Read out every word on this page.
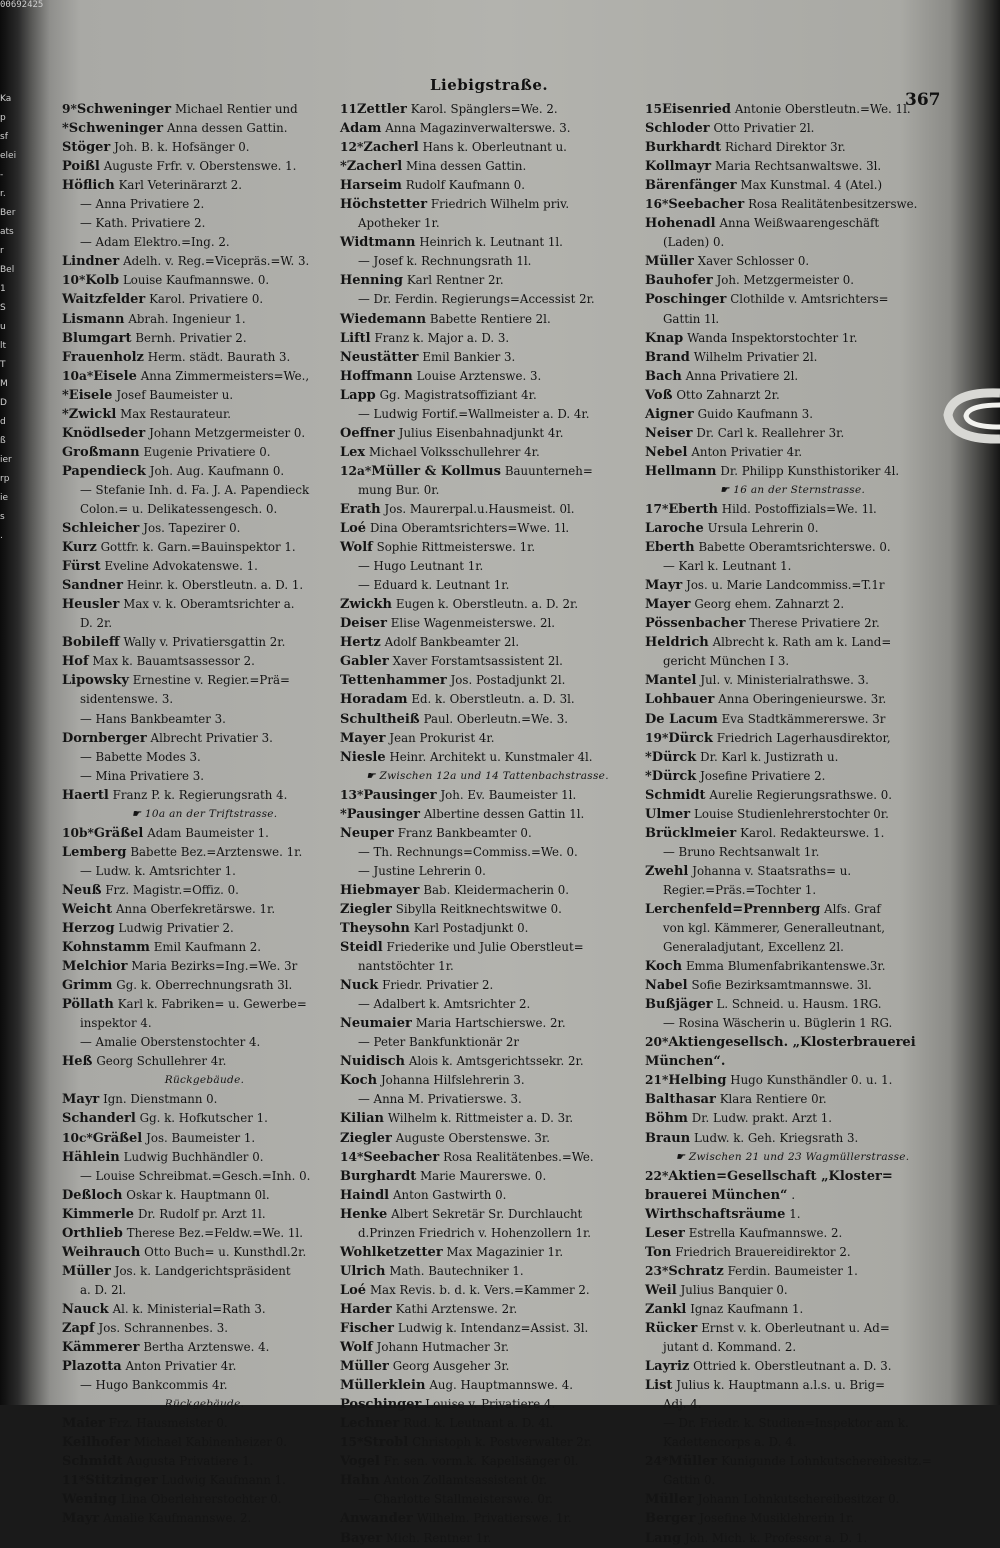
00692425
Ka
p
sf
elei
-
r.
Ber
ats
r
Bel
1
S
u
lt
T
M
D
d
ß
ier
rp
ie
s
.
Liebigstraße.
367
9*Schweninger Michael Rentier und
*Schweninger Anna dessen Gattin.
Stöger Joh. B. k. Hofsänger 0.
Poißl Auguste Frfr. v. Oberstenswe. 1.
Höflich Karl Veterinärarzt 2.
— Anna Privatiere 2.
— Kath. Privatiere 2.
— Adam Elektro.=Ing. 2.
Lindner Adelh. v. Reg.=Vicepräs.=W. 3.
10*Kolb Louise Kaufmannswe. 0.
Waitzfelder Karol. Privatiere 0.
Lismann Abrah. Ingenieur 1.
Blumgart Bernh. Privatier 2.
Frauenholz Herm. städt. Baurath 3.
10a*Eisele Anna Zimmermeisters=We.,
*Eisele Josef Baumeister u.
*Zwickl Max Restaurateur.
Knödlseder Johann Metzgermeister 0.
Großmann Eugenie Privatiere 0.
Papendieck Joh. Aug. Kaufmann 0.
— Stefanie Inh. d. Fa. J. A. Papendieck
Colon.= u. Delikatessengesch. 0.
Schleicher Jos. Tapezirer 0.
Kurz Gottfr. k. Garn.=Bauinspektor 1.
Fürst Eveline Advokatenswe. 1.
Sandner Heinr. k. Oberstleutn. a. D. 1.
Heusler Max v. k. Oberamtsrichter a.
D. 2r.
Bobileff Wally v. Privatiersgattin 2r.
Hof Max k. Bauamtsassessor 2.
Lipowsky Ernestine v. Regier.=Prä=
sidentenswe. 3.
— Hans Bankbeamter 3.
Dornberger Albrecht Privatier 3.
— Babette Modes 3.
— Mina Privatiere 3.
Haertl Franz P. k. Regierungsrath 4.
☛ 10a an der Triftstrasse.
10b*Gräßel Adam Baumeister 1.
Lemberg Babette Bez.=Arztenswe. 1r.
— Ludw. k. Amtsrichter 1.
Neuß Frz. Magistr.=Offiz. 0.
Weicht Anna Oberfekretärswe. 1r.
Herzog Ludwig Privatier 2.
Kohnstamm Emil Kaufmann 2.
Melchior Maria Bezirks=Ing.=We. 3r
Grimm Gg. k. Oberrechnungsrath 3l.
Pöllath Karl k. Fabriken= u. Gewerbe=
inspektor 4.
— Amalie Oberstenstochter 4.
Heß Georg Schullehrer 4r.
Rückgebäude.
Mayr Ign. Dienstmann 0.
Schanderl Gg. k. Hofkutscher 1.
10c*Gräßel Jos. Baumeister 1.
Hählein Ludwig Buchhändler 0.
— Louise Schreibmat.=Gesch.=Inh. 0.
Deßloch Oskar k. Hauptmann 0l.
Kimmerle Dr. Rudolf pr. Arzt 1l.
Orthlieb Therese Bez.=Feldw.=We. 1l.
Weihrauch Otto Buch= u. Kunsthdl.2r.
Müller Jos. k. Landgerichtspräsident
a. D. 2l.
Nauck Al. k. Ministerial=Rath 3.
Zapf Jos. Schrannenbes. 3.
Kämmerer Bertha Arztenswe. 4.
Plazotta Anton Privatier 4r.
— Hugo Bankcommis 4r.
Rückgebäude.
Maier Frz. Hausmeister 0.
Keilhofer Michael Kabinenheizer 0.
Schmidt Augusta Privatiere 1.
11*Stitzinger Ludwig Kaufmann 1.
Wening Lina Oberlehrerstochter 0.
Mayr Amalie Kaufmannswe. 2.
11Zettler Karol. Spänglers=We. 2.
Adam Anna Magazinverwalterswe. 3.
12*Zacherl Hans k. Oberleutnant u.
*Zacherl Mina dessen Gattin.
Harseim Rudolf Kaufmann 0.
Höchstetter Friedrich Wilhelm priv.
Apotheker 1r.
Widtmann Heinrich k. Leutnant 1l.
— Josef k. Rechnungsrath 1l.
Henning Karl Rentner 2r.
— Dr. Ferdin. Regierungs=Accessist 2r.
Wiedemann Babette Rentiere 2l.
Liftl Franz k. Major a. D. 3.
Neustätter Emil Bankier 3.
Hoffmann Louise Arztenswe. 3.
Lapp Gg. Magistratsoffiziant 4r.
— Ludwig Fortif.=Wallmeister a. D. 4r.
Oeffner Julius Eisenbahnadjunkt 4r.
Lex Michael Volksschullehrer 4r.
12a*Müller & Kollmus Bauunterneh=
mung Bur. 0r.
Erath Jos. Maurerpal.u.Hausmeist. 0l.
Loé Dina Oberamtsrichters=Wwe. 1l.
Wolf Sophie Rittmeisterswe. 1r.
— Hugo Leutnant 1r.
— Eduard k. Leutnant 1r.
Zwickh Eugen k. Oberstleutn. a. D. 2r.
Deiser Elise Wagenmeisterswe. 2l.
Hertz Adolf Bankbeamter 2l.
Gabler Xaver Forstamtsassistent 2l.
Tettenhammer Jos. Postadjunkt 2l.
Horadam Ed. k. Oberstleutn. a. D. 3l.
Schultheiß Paul. Oberleutn.=We. 3.
Mayer Jean Prokurist 4r.
Niesle Heinr. Architekt u. Kunstmaler 4l.
☛ Zwischen 12a und 14 Tattenbachstrasse.
13*Pausinger Joh. Ev. Baumeister 1l.
*Pausinger Albertine dessen Gattin 1l.
Neuper Franz Bankbeamter 0.
— Th. Rechnungs=Commiss.=We. 0.
— Justine Lehrerin 0.
Hiebmayer Bab. Kleidermacherin 0.
Ziegler Sibylla Reitknechtswitwe 0.
Theysohn Karl Postadjunkt 0.
Steidl Friederike und Julie Oberstleut=
nantstöchter 1r.
Nuck Friedr. Privatier 2.
— Adalbert k. Amtsrichter 2.
Neumaier Maria Hartschierswe. 2r.
— Peter Bankfunktionär 2r
Nuidisch Alois k. Amtsgerichtssekr. 2r.
Koch Johanna Hilfslehrerin 3.
— Anna M. Privatierswe. 3.
Kilian Wilhelm k. Rittmeister a. D. 3r.
Ziegler Auguste Oberstenswe. 3r.
14*Seebacher Rosa Realitätenbes.=We.
Burghardt Marie Maurerswe. 0.
Haindl Anton Gastwirth 0.
Henke Albert Sekretär Sr. Durchlaucht
d.Prinzen Friedrich v. Hohenzollern 1r.
Wohlketzetter Max Magazinier 1r.
Ulrich Math. Bautechniker 1.
Loé Max Revis. b. d. k. Vers.=Kammer 2.
Harder Kathi Arztenswe. 2r.
Fischer Ludwig k. Intendanz=Assist. 3l.
Wolf Johann Hutmacher 3r.
Müller Georg Ausgeher 3r.
Müllerklein Aug. Hauptmannswe. 4.
Poschinger Louise v. Privatiere 4.
Lechner Rud. k. Leutnant a. D. 4l.
15*Strobl Christoph k. Postverwalter 2r.
Vogel Fr. sen. vorm.k. Kapellsänger 0l.
Hahn Anton Zollamtsassistent 0r.
— Charlotte Stallmeisterswe. 0r.
Anwander Wilhelm. Privatierswe. 1r.
Bayer Mich. Rentner 1r.
15Eisenried Antonie Oberstleutn.=We. 1l.
Schloder Otto Privatier 2l.
Burkhardt Richard Direktor 3r.
Kollmayr Maria Rechtsanwaltswe. 3l.
Bärenfänger Max Kunstmal. 4 (Atel.)
16*Seebacher Rosa Realitätenbesitzerswe.
Hohenadl Anna Weißwaarengeschäft
(Laden) 0.
Müller Xaver Schlosser 0.
Bauhofer Joh. Metzgermeister 0.
Poschinger Clothilde v. Amtsrichters=
Gattin 1l.
Knap Wanda Inspektorstochter 1r.
Brand Wilhelm Privatier 2l.
Bach Anna Privatiere 2l.
Voß Otto Zahnarzt 2r.
Aigner Guido Kaufmann 3.
Neiser Dr. Carl k. Reallehrer 3r.
Nebel Anton Privatier 4r.
Hellmann Dr. Philipp Kunsthistoriker 4l.
☛ 16 an der Sternstrasse.
17*Eberth Hild. Postoffizials=We. 1l.
Laroche Ursula Lehrerin 0.
Eberth Babette Oberamtsrichterswe. 0.
— Karl k. Leutnant 1.
Mayr Jos. u. Marie Landcommiss.=T.1r
Mayer Georg ehem. Zahnarzt 2.
Pössenbacher Therese Privatiere 2r.
Heldrich Albrecht k. Rath am k. Land=
gericht München I 3.
Mantel Jul. v. Ministerialrathswe. 3.
Lohbauer Anna Oberingenieurswe. 3r.
De Lacum Eva Stadtkämmererswe. 3r
19*Dürck Friedrich Lagerhausdirektor,
*Dürck Dr. Karl k. Justizrath u.
*Dürck Josefine Privatiere 2.
Schmidt Aurelie Regierungsrathswe. 0.
Ulmer Louise Studienlehrerstochter 0r.
Brücklmeier Karol. Redakteurswe. 1.
— Bruno Rechtsanwalt 1r.
Zwehl Johanna v. Staatsraths= u.
Regier.=Präs.=Tochter 1.
Lerchenfeld=Prennberg Alfs. Graf
von kgl. Kämmerer, Generalleutnant,
Generaladjutant, Excellenz 2l.
Koch Emma Blumenfabrikantenswe.3r.
Nabel Sofie Bezirksamtmannswe. 3l.
Bußjäger L. Schneid. u. Hausm. 1RG.
— Rosina Wäscherin u. Büglerin 1 RG.
20*Aktiengesellsch. „Klosterbrauerei
München“.
21*Helbing Hugo Kunsthändler 0. u. 1.
Balthasar Klara Rentiere 0r.
Böhm Dr. Ludw. prakt. Arzt 1.
Braun Ludw. k. Geh. Kriegsrath 3.
☛ Zwischen 21 und 23 Wagmüllerstrasse.
22*Aktien=Gesellschaft „Kloster=
brauerei München“ .
Wirthschaftsräume 1.
Leser Estrella Kaufmannswe. 2.
Ton Friedrich Brauereidirektor 2.
23*Schratz Ferdin. Baumeister 1.
Weil Julius Banquier 0.
Zankl Ignaz Kaufmann 1.
Rücker Ernst v. k. Oberleutnant u. Ad=
jutant d. Kommand. 2.
Layriz Ottried k. Oberstleutnant a. D. 3.
List Julius k. Hauptmann a.l.s. u. Brig=
Adj. 4.
— Dr. Friedr. k. Studien=Inspektor am k.
Kadettencorps a. D. 4.
24*Müller Kunigunde Lohnkutschereibesitz.=
Gattin 0.
Müller Johann Lohnkutschereibesitzer 0.
Berger Josefine Musiklehrerin 1r.
Lang Joh. Mich. k. Professor a. D. 1.
